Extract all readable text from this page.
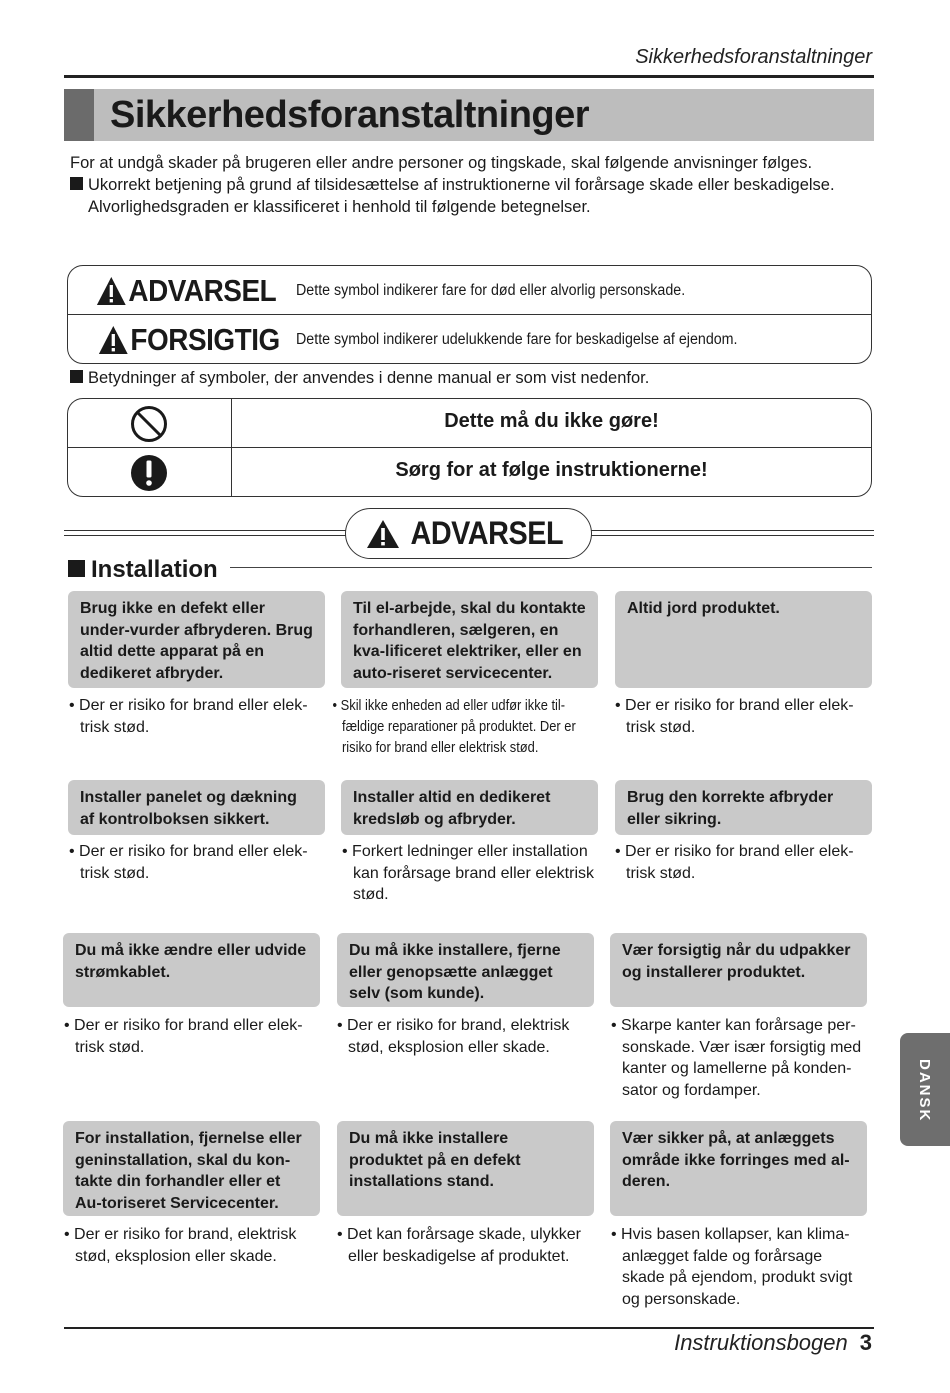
Sikkerhedsforanstaltninger
Sikkerhedsforanstaltninger

For at undgå skader på brugeren eller andre personer og tingskade, skal følgende anvisninger følges.

Ukorrekt betjening på grund af tilsidesættelse af instruktionerne vil forårsage skade eller beskadigelse.

Alvorlighedsgraden er klassificeret i henhold til følgende betegnelser.

ADVARSEL Dette symbol indikerer fare for død eller alvorlig personskade.
FORSIGTIG Dette symbol indikerer udelukkende fare for beskadigelse af ejendom.
Betydninger af symboler, der anvendes i denne manual er som vist nedenfor.
Dette må du ikke gøre!
Sørg for at følge instruktionerne!
ADVARSEL
Installation
Brug ikke en defekt eller under-vurder afbryderen. Brug altid dette apparat på en dedikeret afbryder.
• Der er risiko for brand eller elek-trisk stød.
Til el-arbejde, skal du kontakte forhandleren, sælgeren, en kva-lificeret elektriker, eller en auto-riseret servicecenter.
• Skil ikke enheden ad eller udfør ikke til-fældige reparationer på produktet. Der er risiko for brand eller elektrisk stød.
Altid jord produktet.
• Der er risiko for brand eller elek-trisk stød.
Installer panelet og dækning af kontrolboksen sikkert.
• Der er risiko for brand eller elek-trisk stød.
Installer altid en dedikeret kredsløb og afbryder.
• Forkert ledninger eller installation kan forårsage brand eller elektrisk stød.
Brug den korrekte afbryder eller sikring.
• Der er risiko for brand eller elek-trisk stød.
Du må ikke ændre eller udvide strømkablet.
• Der er risiko for brand eller elek-trisk stød.
Du må ikke installere, fjerne eller genopsætte anlægget selv (som kunde).
• Der er risiko for brand, elektrisk stød, eksplosion eller skade.
Vær forsigtig når du udpakker og installerer produktet.
• Skarpe kanter kan forårsage per-sonskade. Vær især forsigtig med kanter og lamellerne på konden-sator og fordamper.
For installation, fjernelse eller geninstallation, skal du kon-takte din forhandler eller et Au-toriseret Servicecenter.
• Der er risiko for brand, elektrisk stød, eksplosion eller skade.
Du må ikke installere produktet på en defekt installations stand.
• Det kan forårsage skade, ulykker eller beskadigelse af produktet.
Vær sikker på, at anlæggets område ikke forringes med al-deren.
• Hvis basen kollapser, kan klima-anlægget falde og forårsage skade på ejendom, produkt svigt og personskade.
Instruktionsbogen 3
DANSK
